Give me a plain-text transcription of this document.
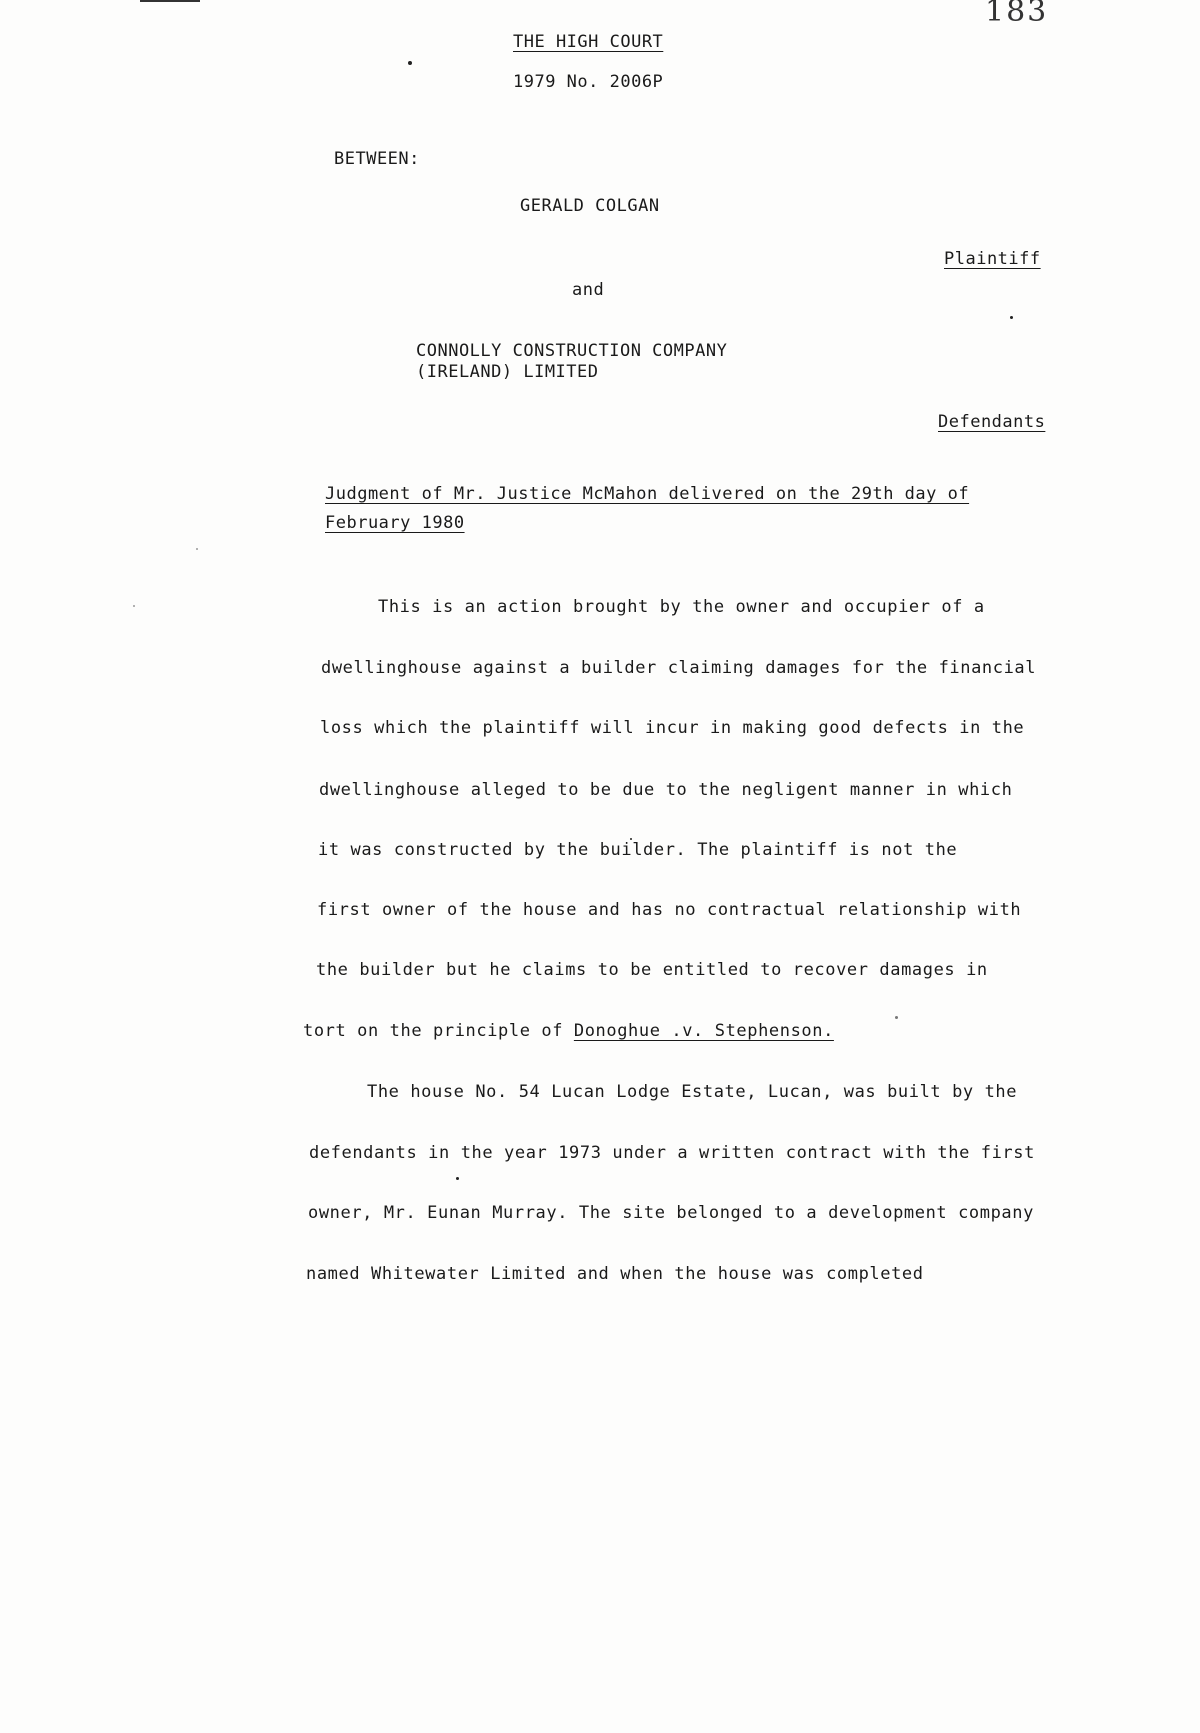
183
THE HIGH COURT
1979 No. 2006P
BETWEEN:
GERALD COLGAN
Plaintiff
and
CONNOLLY CONSTRUCTION COMPANY
(IRELAND) LIMITED
Defendants
Judgment of Mr. Justice McMahon delivered on the 29th day of
February 1980
This is an action brought by the owner and occupier of a
dwellinghouse against a builder claiming damages for the financial
loss which the plaintiff will incur in making good defects in the
dwellinghouse alleged to be due to the negligent manner in which
it was constructed by the builder. The plaintiff is not the
first owner of the house and has no contractual relationship with
the builder but he claims to be entitled to recover damages in
tort on the principle of Donoghue .v. Stephenson.
The house No. 54 Lucan Lodge Estate, Lucan, was built by the
defendants in the year 1973 under a written contract with the first
owner, Mr. Eunan Murray. The site belonged to a development company
named Whitewater Limited and when the house was completed
